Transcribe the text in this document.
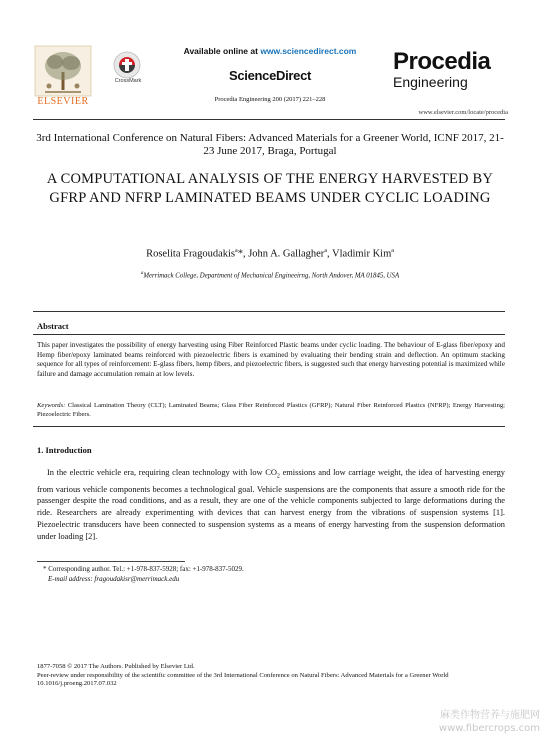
ELSEVIER
CrossMark
Available online at www.sciencedirect.com
ScienceDirect
Procedia Engineering 200 (2017) 221–228
Procedia
Engineering
www.elsevier.com/locate/procedia
3rd International Conference on Natural Fibers: Advanced Materials for a Greener World, ICNF 2017, 21-23 June 2017, Braga, Portugal
A COMPUTATIONAL ANALYSIS OF THE ENERGY HARVESTED BY GFRP AND NFRP LAMINATED BEAMS UNDER CYCLIC LOADING
Roselita Fragoudakis$^a$*, John A. Gallagher$^a$, Vladimir Kim$^a$
$^a$Merrimack College, Department of Mechanical Engineeirng, North Andover, MA 01845, USA
Abstract
This paper investigates the possibility of energy harvesting using Fiber Reinforced Plastic beams under cyclic loading. The behaviour of E-glass fiber/epoxy and Hemp fiber/epoxy laminated beams reinforced with piezoelectric fibers is examined by evaluating their bending strain and deflection. An optimum stacking sequence for all types of reinforcement: E-glass fibers, hemp fibers, and piezoelectric fibers, is suggested such that energy harvesting potential is maximized while failure and damage accumulation remain at low levels.
Keywords: Classical Lamination Theory (CLT); Laminated Beams; Glass Fiber Reinforced Plastics (GFRP); Natural Fiber Reinforced Plastics (NFRP); Energy Harvesting; Piezoelectric Fibers.
1. Introduction
In the electric vehicle era, requiring clean technology with low $CO_2$ emissions and low carriage weight, the idea of harvesting energy from various vehicle components becomes a technological goal. Vehicle suspensions are the components that assure a smooth ride for the passenger despite the road conditions, and as a result, they are one of the vehicle components subjected to large deformations during the ride. Researchers are already experimenting with devices that can harvest energy from the vibrations of suspension systems [1]. Piezoelectric transducers have been connected to suspension systems as a means of energy harvesting from the suspension deformation under loading [2].
* Corresponding author. Tel.: +1-978-837-5928; fax: +1-978-837-5029.
E-mail address: fragoudakisr@merrimack.edu
1877-7058 © 2017 The Authors. Published by Elsevier Ltd.
Peer-review under responsibility of the scientific committee of the 3rd International Conference on Natural Fibers: Advanced Materials for a Greener World
10.1016/j.proeng.2017.07.032
麻类作物营养与施肥网
www.fibercrops.com
